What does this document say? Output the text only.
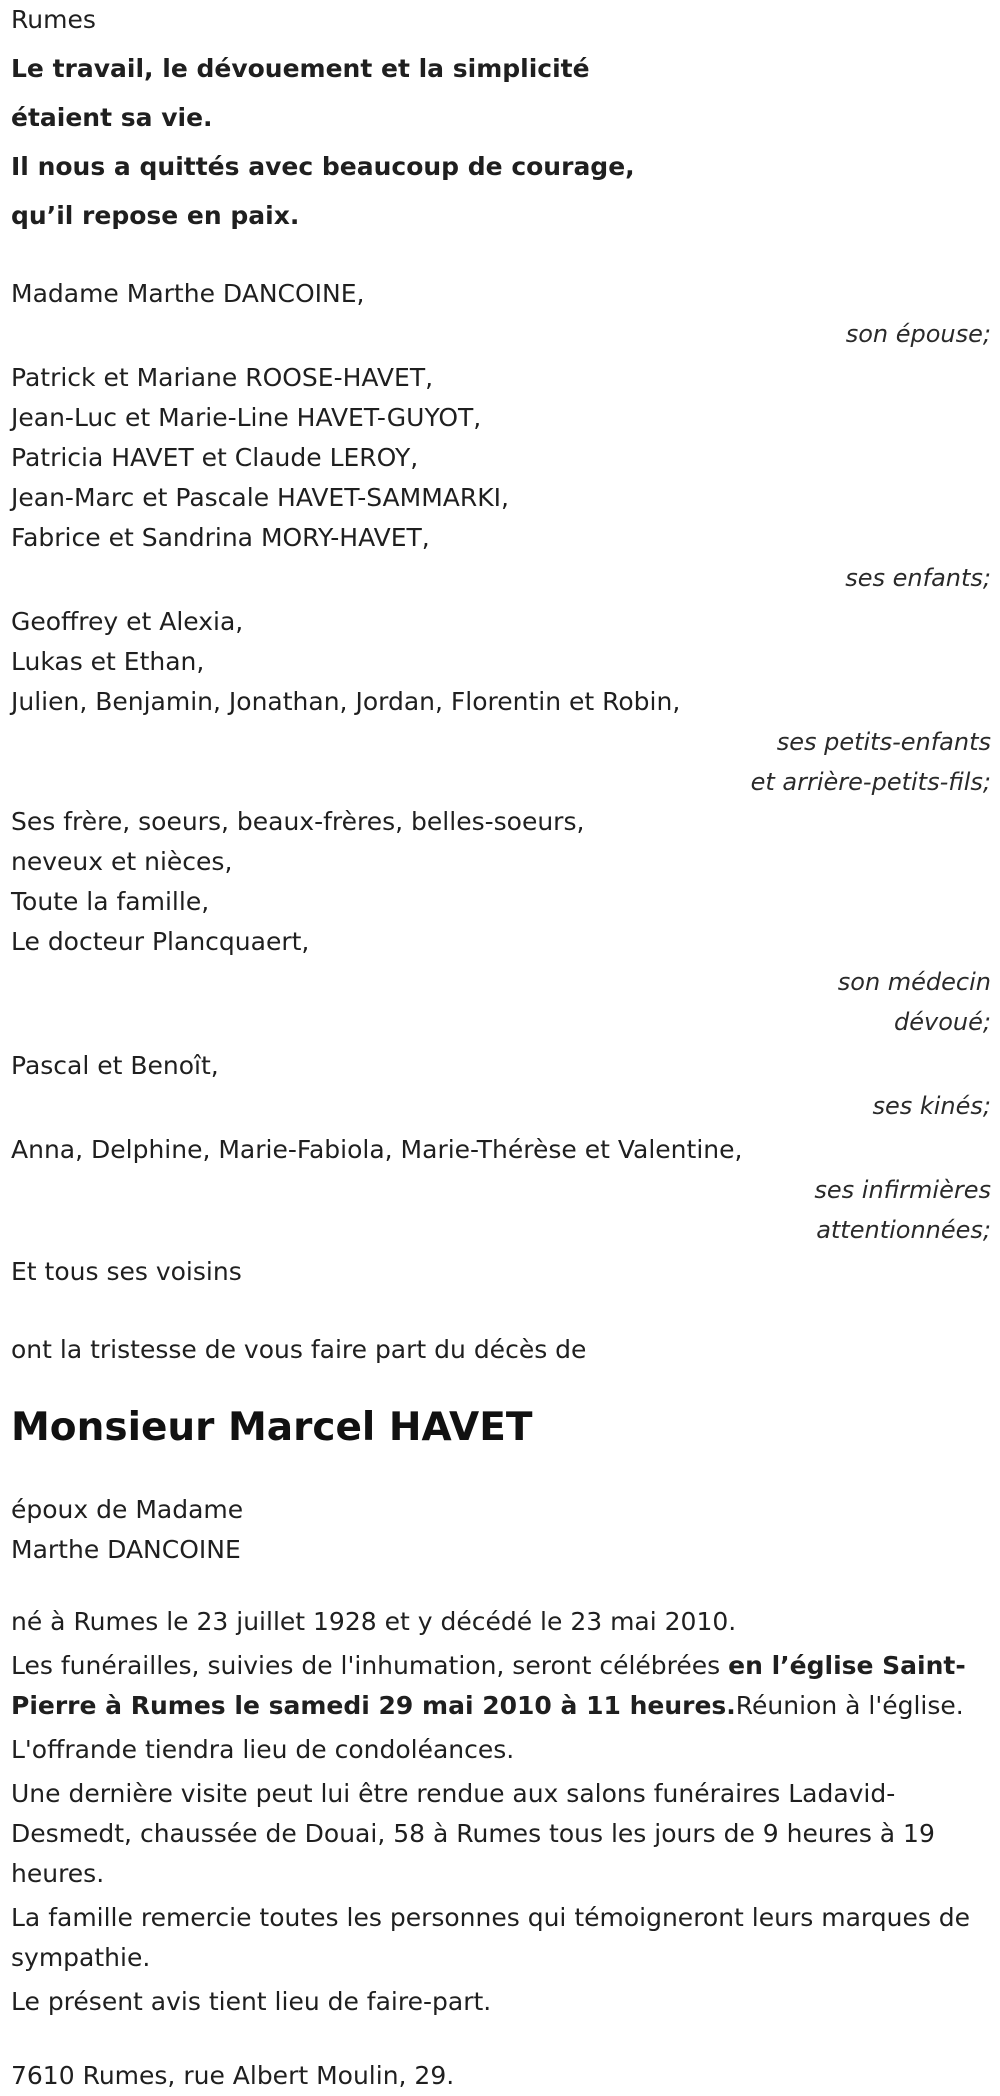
Rumes
Le travail, le dévouement et la simplicité
étaient sa vie.
Il nous a quittés avec beaucoup de courage,
qu’il repose en paix.
Madame Marthe DANCOINE,
son épouse;
Patrick et Mariane ROOSE-HAVET,
Jean-Luc et Marie-Line HAVET-GUYOT,
Patricia HAVET et Claude LEROY,
Jean-Marc et Pascale HAVET-SAMMARKI,
Fabrice et Sandrina MORY-HAVET,
ses enfants;
Geoffrey et Alexia,
Lukas et Ethan,
Julien, Benjamin, Jonathan, Jordan, Florentin et Robin,
ses petits-enfants
et arrière-petits-fils;
Ses frère, soeurs, beaux-frères, belles-soeurs,
neveux et nièces,
Toute la famille,
Le docteur Plancquaert,
son médecin
dévoué;
Pascal et Benoît,
ses kinés;
Anna, Delphine, Marie-Fabiola, Marie-Thérèse et Valentine,
ses infirmières
attentionnées;
Et tous ses voisins
ont la tristesse de vous faire part du décès de
Monsieur Marcel HAVET
époux de Madame
Marthe DANCOINE
né à Rumes le 23 juillet 1928 et y décédé le 23 mai 2010.
Les funérailles, suivies de l'inhumation, seront célébrées en l’église Saint-Pierre à Rumes le samedi 29 mai 2010 à 11 heures.Réunion à l'église.
L'offrande tiendra lieu de condoléances.
Une dernière visite peut lui être rendue aux salons funéraires Ladavid-Desmedt, chaussée de Douai, 58 à Rumes tous les jours de 9 heures à 19 heures.
La famille remercie toutes les personnes qui témoigneront leurs marques de sympathie.
Le présent avis tient lieu de faire-part.
7610 Rumes, rue Albert Moulin, 29.
